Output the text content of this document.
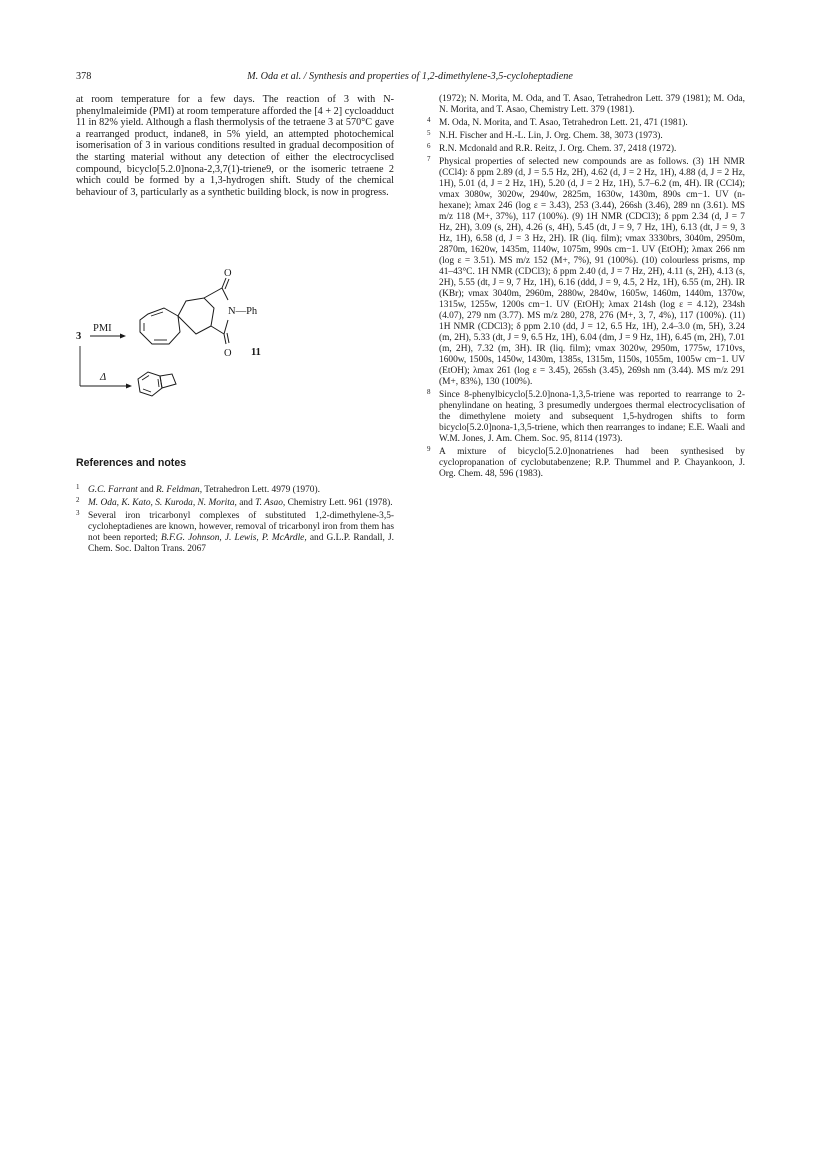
378	M. Oda et al. / Synthesis and properties of 1,2-dimethylene-3,5-cycloheptadiene
at room temperature for a few days. The reaction of 3 with N-phenylmaleimide (PMI) at room temperature afforded the [4 + 2] cycloadduct 11 in 82% yield. Although a flash thermolysis of the tetraene 3 at 570°C gave a rearranged product, indane8, in 5% yield, an attempted photochemical isomerisation of 3 in various conditions resulted in gradual decomposition of the starting material without any detection of either the electrocyclised compound, bicyclo[5.2.0]nona-2,3,7(1)-triene9, or the isomeric tetraene 2 which could be formed by a 1,3-hydrogen shift. Study of the chemical behaviour of 3, particularly as a synthetic building block, is now in progress.
3
PMI
O
O
N—Ph
11
Δ
References and notes
1 G.C. Farrant and R. Feldman, Tetrahedron Lett. 4979 (1970).
2 M. Oda, K. Kato, S. Kuroda, N. Morita, and T. Asao, Chemistry Lett. 961 (1978).
3 Several iron tricarbonyl complexes of substituted 1,2-dimethylene-3,5-cycloheptadienes are known, however, removal of tricarbonyl iron from them has not been reported; B.F.G. Johnson, J. Lewis, P. McArdle, and G.L.P. Randall, J. Chem. Soc. Dalton Trans. 2067
(1972); N. Morita, M. Oda, and T. Asao, Tetrahedron Lett. 379 (1981); M. Oda, N. Morita, and T. Asao, Chemistry Lett. 379 (1981).
4 M. Oda, N. Morita, and T. Asao, Tetrahedron Lett. 21, 471 (1981).
5 N.H. Fischer and H.-L. Lin, J. Org. Chem. 38, 3073 (1973).
6 R.N. Mcdonald and R.R. Reitz, J. Org. Chem. 37, 2418 (1972).
7 Physical properties of selected new compounds are as follows. (3) 1H NMR (CCl4): δ ppm 2.89 (d, J = 5.5 Hz, 2H), 4.62 (d, J = 2 Hz, 1H), 4.88 (d, J = 2 Hz, 1H), 5.01 (d, J = 2 Hz, 1H), 5.20 (d, J = 2 Hz, 1H), 5.7–6.2 (m, 4H). IR (CCl4); νmax 3080w, 3020w, 2940w, 2825m, 1630w, 1430m, 890s cm−1. UV (n-hexane); λmax 246 (log ε = 3.43), 253 (3.44), 266sh (3.46), 289 nn (3.61). MS m/z 118 (M+, 37%), 117 (100%). (9) 1H NMR (CDCl3); δ ppm 2.34 (d, J = 7 Hz, 2H), 3.09 (s, 2H), 4.26 (s, 4H), 5.45 (dt, J = 9, 7 Hz, 1H), 6.13 (dt, J = 9, 3 Hz, 1H), 6.58 (d, J = 3 Hz, 2H). IR (liq. film); νmax 3330brs, 3040m, 2950m, 2870m, 1620w, 1435m, 1140w, 1075m, 990s cm−1. UV (EtOH); λmax 266 nm (log ε = 3.51). MS m/z 152 (M+, 7%), 91 (100%). (10) colourless prisms, mp 41–43°C. 1H NMR (CDCl3); δ ppm 2.40 (d, J = 7 Hz, 2H), 4.11 (s, 2H), 4.13 (s, 2H), 5.55 (dt, J = 9, 7 Hz, 1H), 6.16 (ddd, J = 9, 4.5, 2 Hz, 1H), 6.55 (m, 2H). IR (KBr); νmax 3040m, 2960m, 2880w, 2840w, 1605w, 1460m, 1440m, 1370w, 1315w, 1255w, 1200s cm−1. UV (EtOH); λmax 214sh (log ε = 4.12), 234sh (4.07), 279 nm (3.77). MS m/z 280, 278, 276 (M+, 3, 7, 4%), 117 (100%). (11) 1H NMR (CDCl3); δ ppm 2.10 (dd, J = 12, 6.5 Hz, 1H), 2.4–3.0 (m, 5H), 3.24 (m, 2H), 5.33 (dt, J = 9, 6.5 Hz, 1H), 6.04 (dm, J = 9 Hz, 1H), 6.45 (m, 2H), 7.01 (m, 2H), 7.32 (m, 3H). IR (liq. film); νmax 3020w, 2950m, 1775w, 1710vs, 1600w, 1500s, 1450w, 1430m, 1385s, 1315m, 1150s, 1055m, 1005w cm−1. UV (EtOH); λmax 261 (log ε = 3.45), 265sh (3.45), 269sh nm (3.44). MS m/z 291 (M+, 83%), 130 (100%).
8 Since 8-phenylbicyclo[5.2.0]nona-1,3,5-triene was reported to rearrange to 2-phenylindane on heating, 3 presumedly undergoes thermal electrocyclisation of the dimethylene moiety and subsequent 1,5-hydrogen shifts to form bicyclo[5.2.0]nona-1,3,5-triene, which then rearranges to indane; E.E. Waali and W.M. Jones, J. Am. Chem. Soc. 95, 8114 (1973).
9 A mixture of bicyclo[5.2.0]nonatrienes had been synthesised by cyclopropanation of cyclobutabenzene; R.P. Thummel and P. Chayankoon, J. Org. Chem. 48, 596 (1983).
